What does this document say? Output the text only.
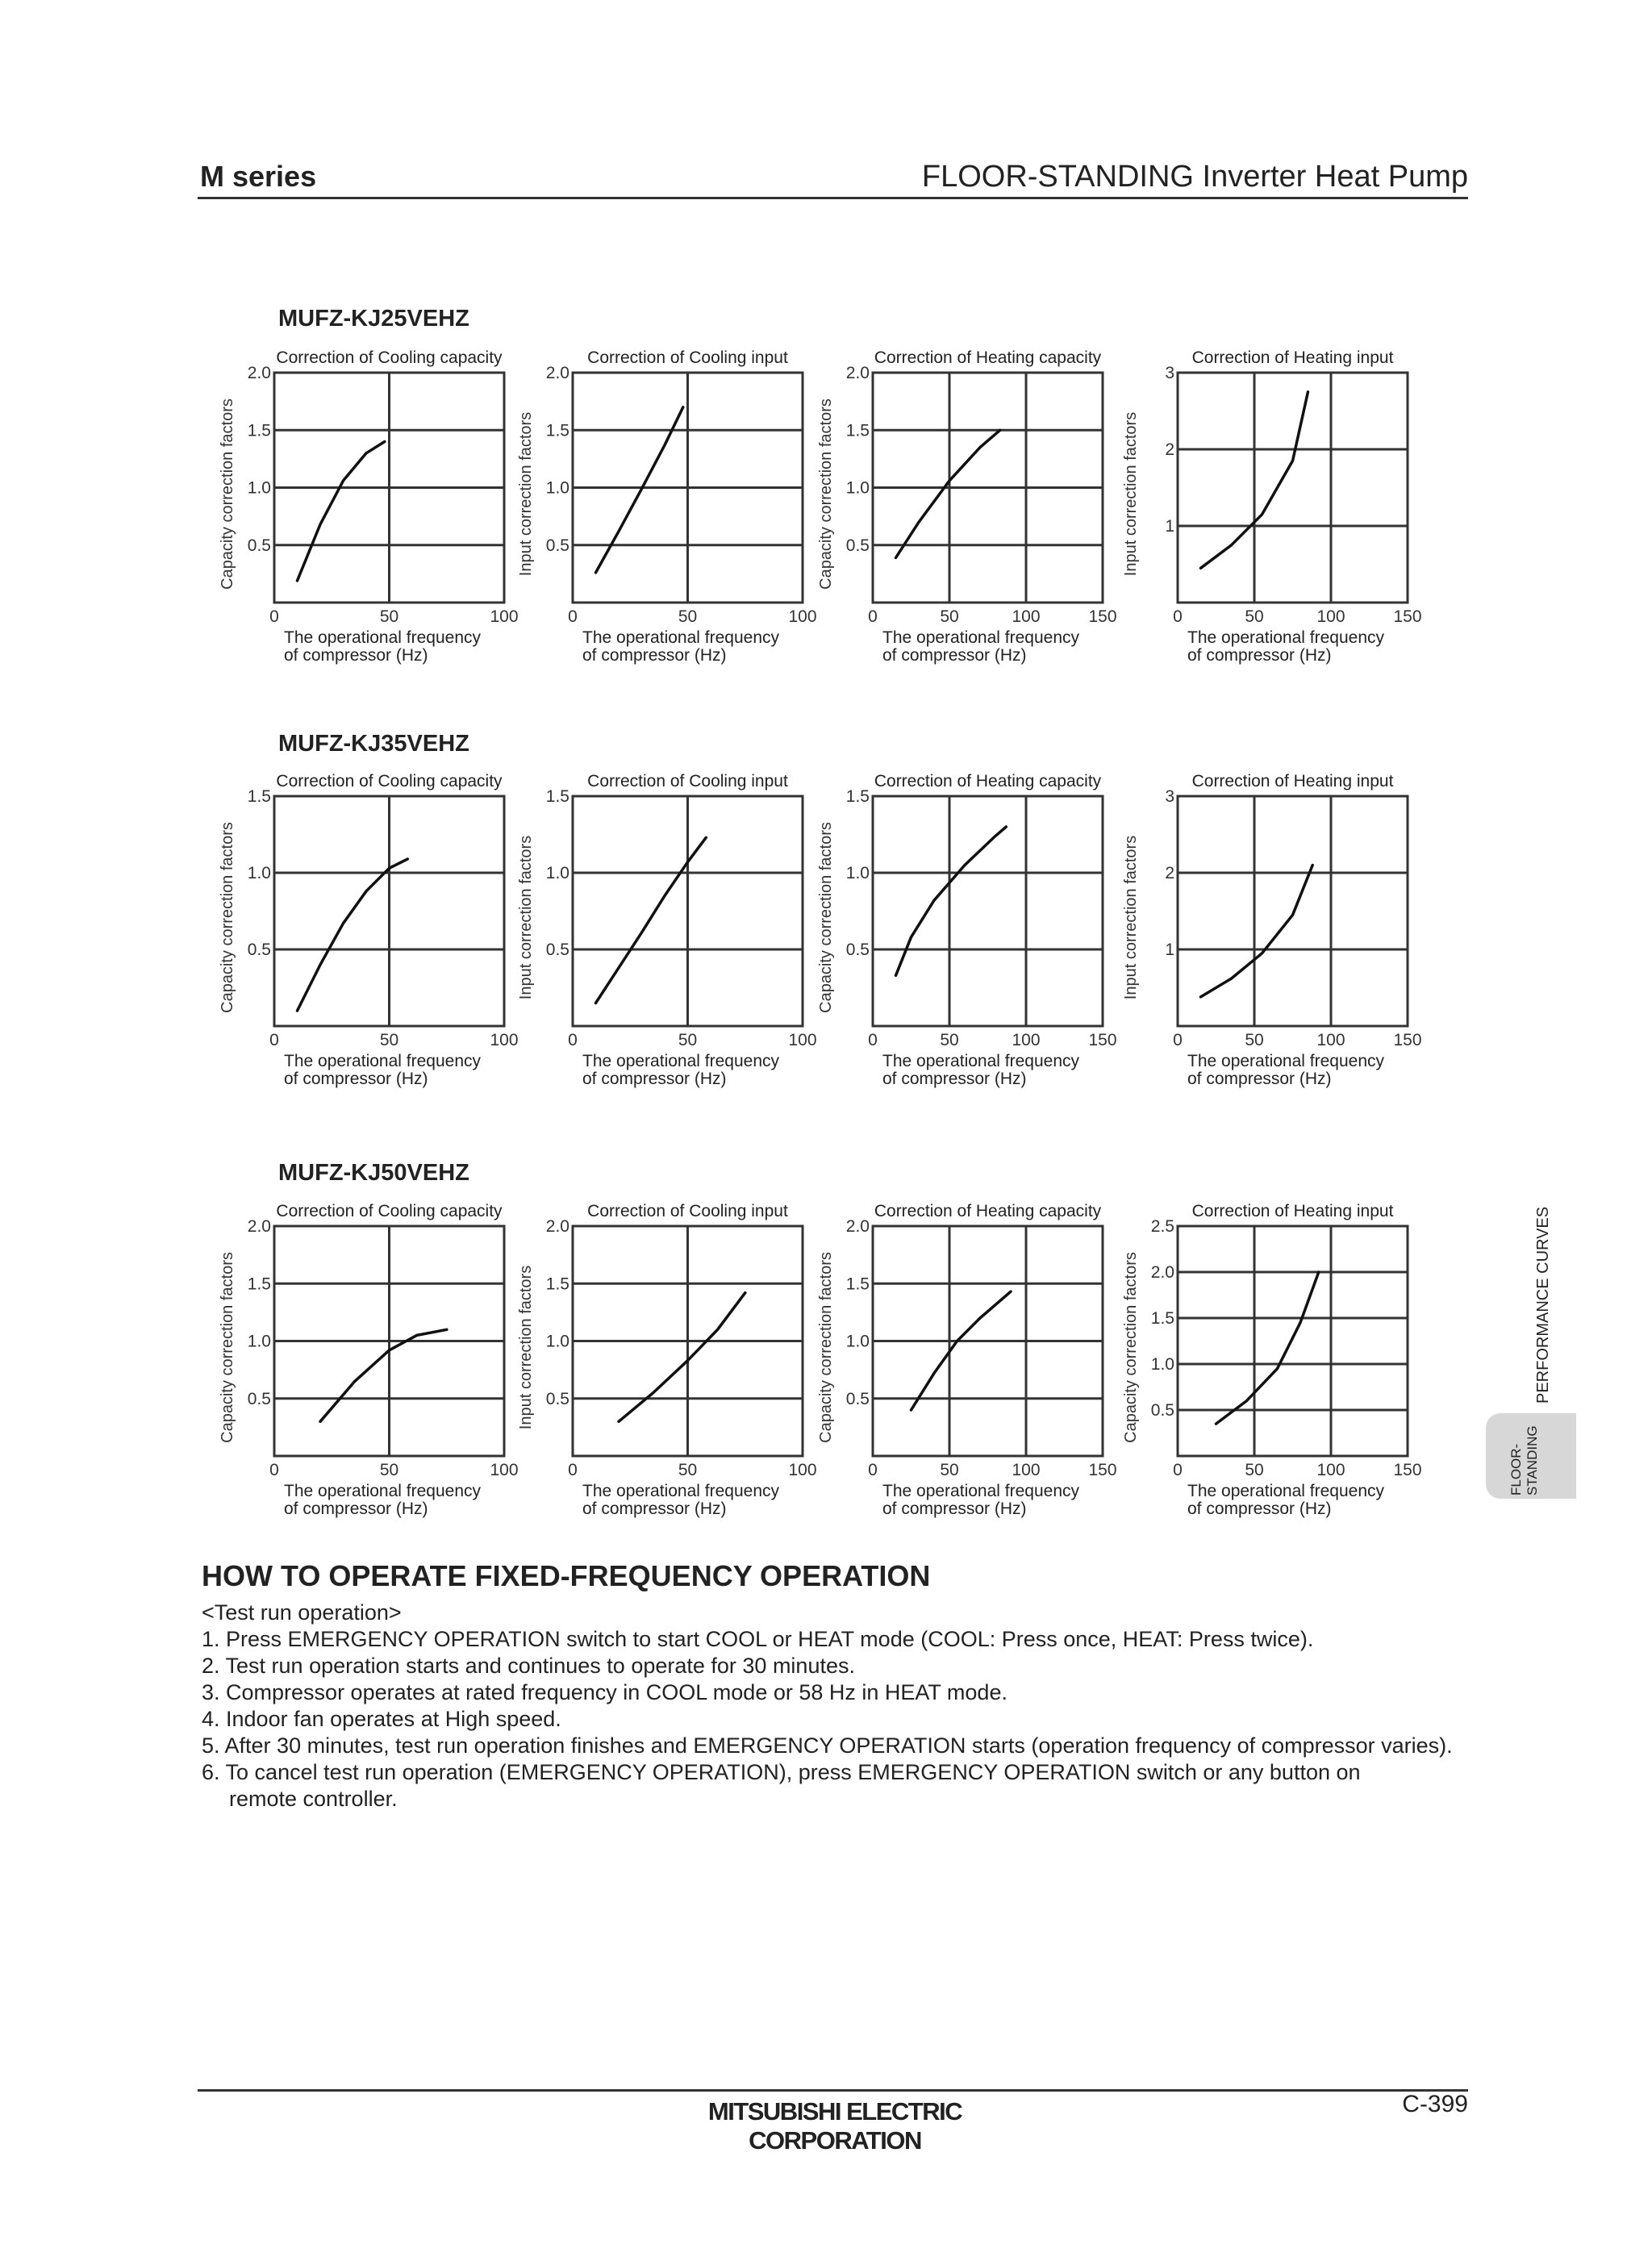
M series	FLOOR-STANDING Inverter Heat Pump
MUFZ-KJ25VEHZ
MUFZ-KJ35VEHZ
MUFZ-KJ50VEHZ
Correction of Cooling capacity
0.5
1.0
1.5
2.0
0	50	100
Capacity correction factors
The operational frequency
of compressor (Hz)
Correction of Cooling input
0.5
1.0
1.5
2.0
0	50	100
Input correction factors
The operational frequency
of compressor (Hz)
Correction of Heating capacity
0.5
1.0
1.5
2.0
0	50	100	150
Capacity correction factors
The operational frequency
of compressor (Hz)
Correction of Heating input
1
2
3
0	50	100	150
Input correction factors
The operational frequency
of compressor (Hz)
Correction of Cooling capacity
0.5
1.0
1.5
0	50	100
Capacity correction factors
The operational frequency
of compressor (Hz)
Correction of Cooling input
0.5
1.0
1.5
0	50	100
Input correction factors
The operational frequency
of compressor (Hz)
Correction of Heating capacity
0.5
1.0
1.5
0	50	100	150
Capacity correction factors
The operational frequency
of compressor (Hz)
Correction of Heating input
1
2
3
0	50	100	150
Input correction factors
The operational frequency
of compressor (Hz)
Correction of Cooling capacity
0.5
1.0
1.5
2.0
0	50	100
Capacity correction factors
The operational frequency
of compressor (Hz)
Correction of Cooling input
0.5
1.0
1.5
2.0
0	50	100
Input correction factors
The operational frequency
of compressor (Hz)
Correction of Heating capacity
0.5
1.0
1.5
2.0
0	50	100	150
Capacity correction factors
The operational frequency
of compressor (Hz)
Correction of Heating input
0.5
1.0
1.5
2.0
2.5
0	50	100	150
Capacity correction factors
The operational frequency
of compressor (Hz)
HOW TO OPERATE FIXED-FREQUENCY OPERATION
<Test run operation>
1. Press EMERGENCY OPERATION switch to start COOL or HEAT mode (COOL: Press once, HEAT: Press twice).
2. Test run operation starts and continues to operate for 30 minutes.
3. Compressor operates at rated frequency in COOL mode or 58 Hz in HEAT mode.
4. Indoor fan operates at High speed.
5. After 30 minutes, test run operation finishes and EMERGENCY OPERATION starts (operation frequency of compressor varies).
6. To cancel test run operation (EMERGENCY OPERATION), press EMERGENCY OPERATION switch or any button on
remote controller.
PERFORMANCE CURVES
FLOOR- STANDING
MITSUBISHI ELECTRIC CORPORATION
C-399
